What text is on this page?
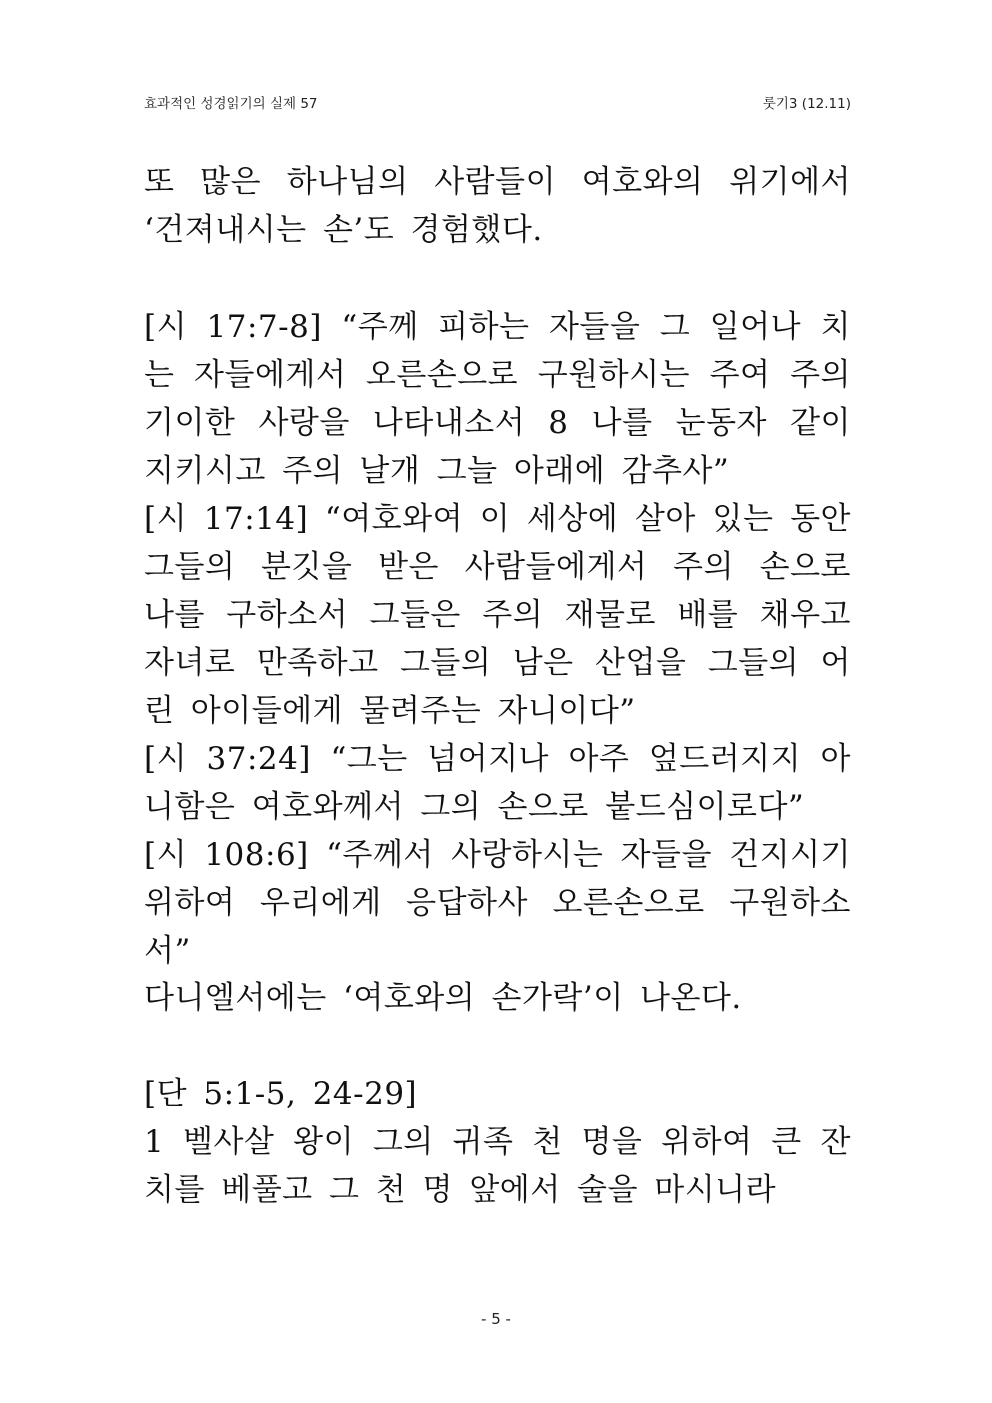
효과적인 성경읽기의 실제 57	룻기3 (12.11)

또 많은 하나님의 사람들이 여호와의 위기에서 ‘건져내시는 손’도 경험했다.

[시 17:7-8] “주께 피하는 자들을 그 일어나 치는 자들에게서 오른손으로 구원하시는 주여 주의 기이한 사랑을 나타내소서 8 나를 눈동자 같이 지키시고 주의 날개 그늘 아래에 감추사”
[시 17:14] “여호와여 이 세상에 살아 있는 동안 그들의 분깃을 받은 사람들에게서 주의 손으로 나를 구하소서 그들은 주의 재물로 배를 채우고 자녀로 만족하고 그들의 남은 산업을 그들의 어린 아이들에게 물려주는 자니이다”
[시 37:24] “그는 넘어지나 아주 엎드러지지 아니함은 여호와께서 그의 손으로 붙드심이로다”
[시 108:6] “주께서 사랑하시는 자들을 건지시기 위하여 우리에게 응답하사 오른손으로 구원하소서”

다니엘서에는 ‘여호와의 손가락’이 나온다.

[단 5:1-5, 24-29]

1 벨사살 왕이 그의 귀족 천 명을 위하여 큰 잔치를 베풀고 그 천 명 앞에서 술을 마시니라

- 5 -
